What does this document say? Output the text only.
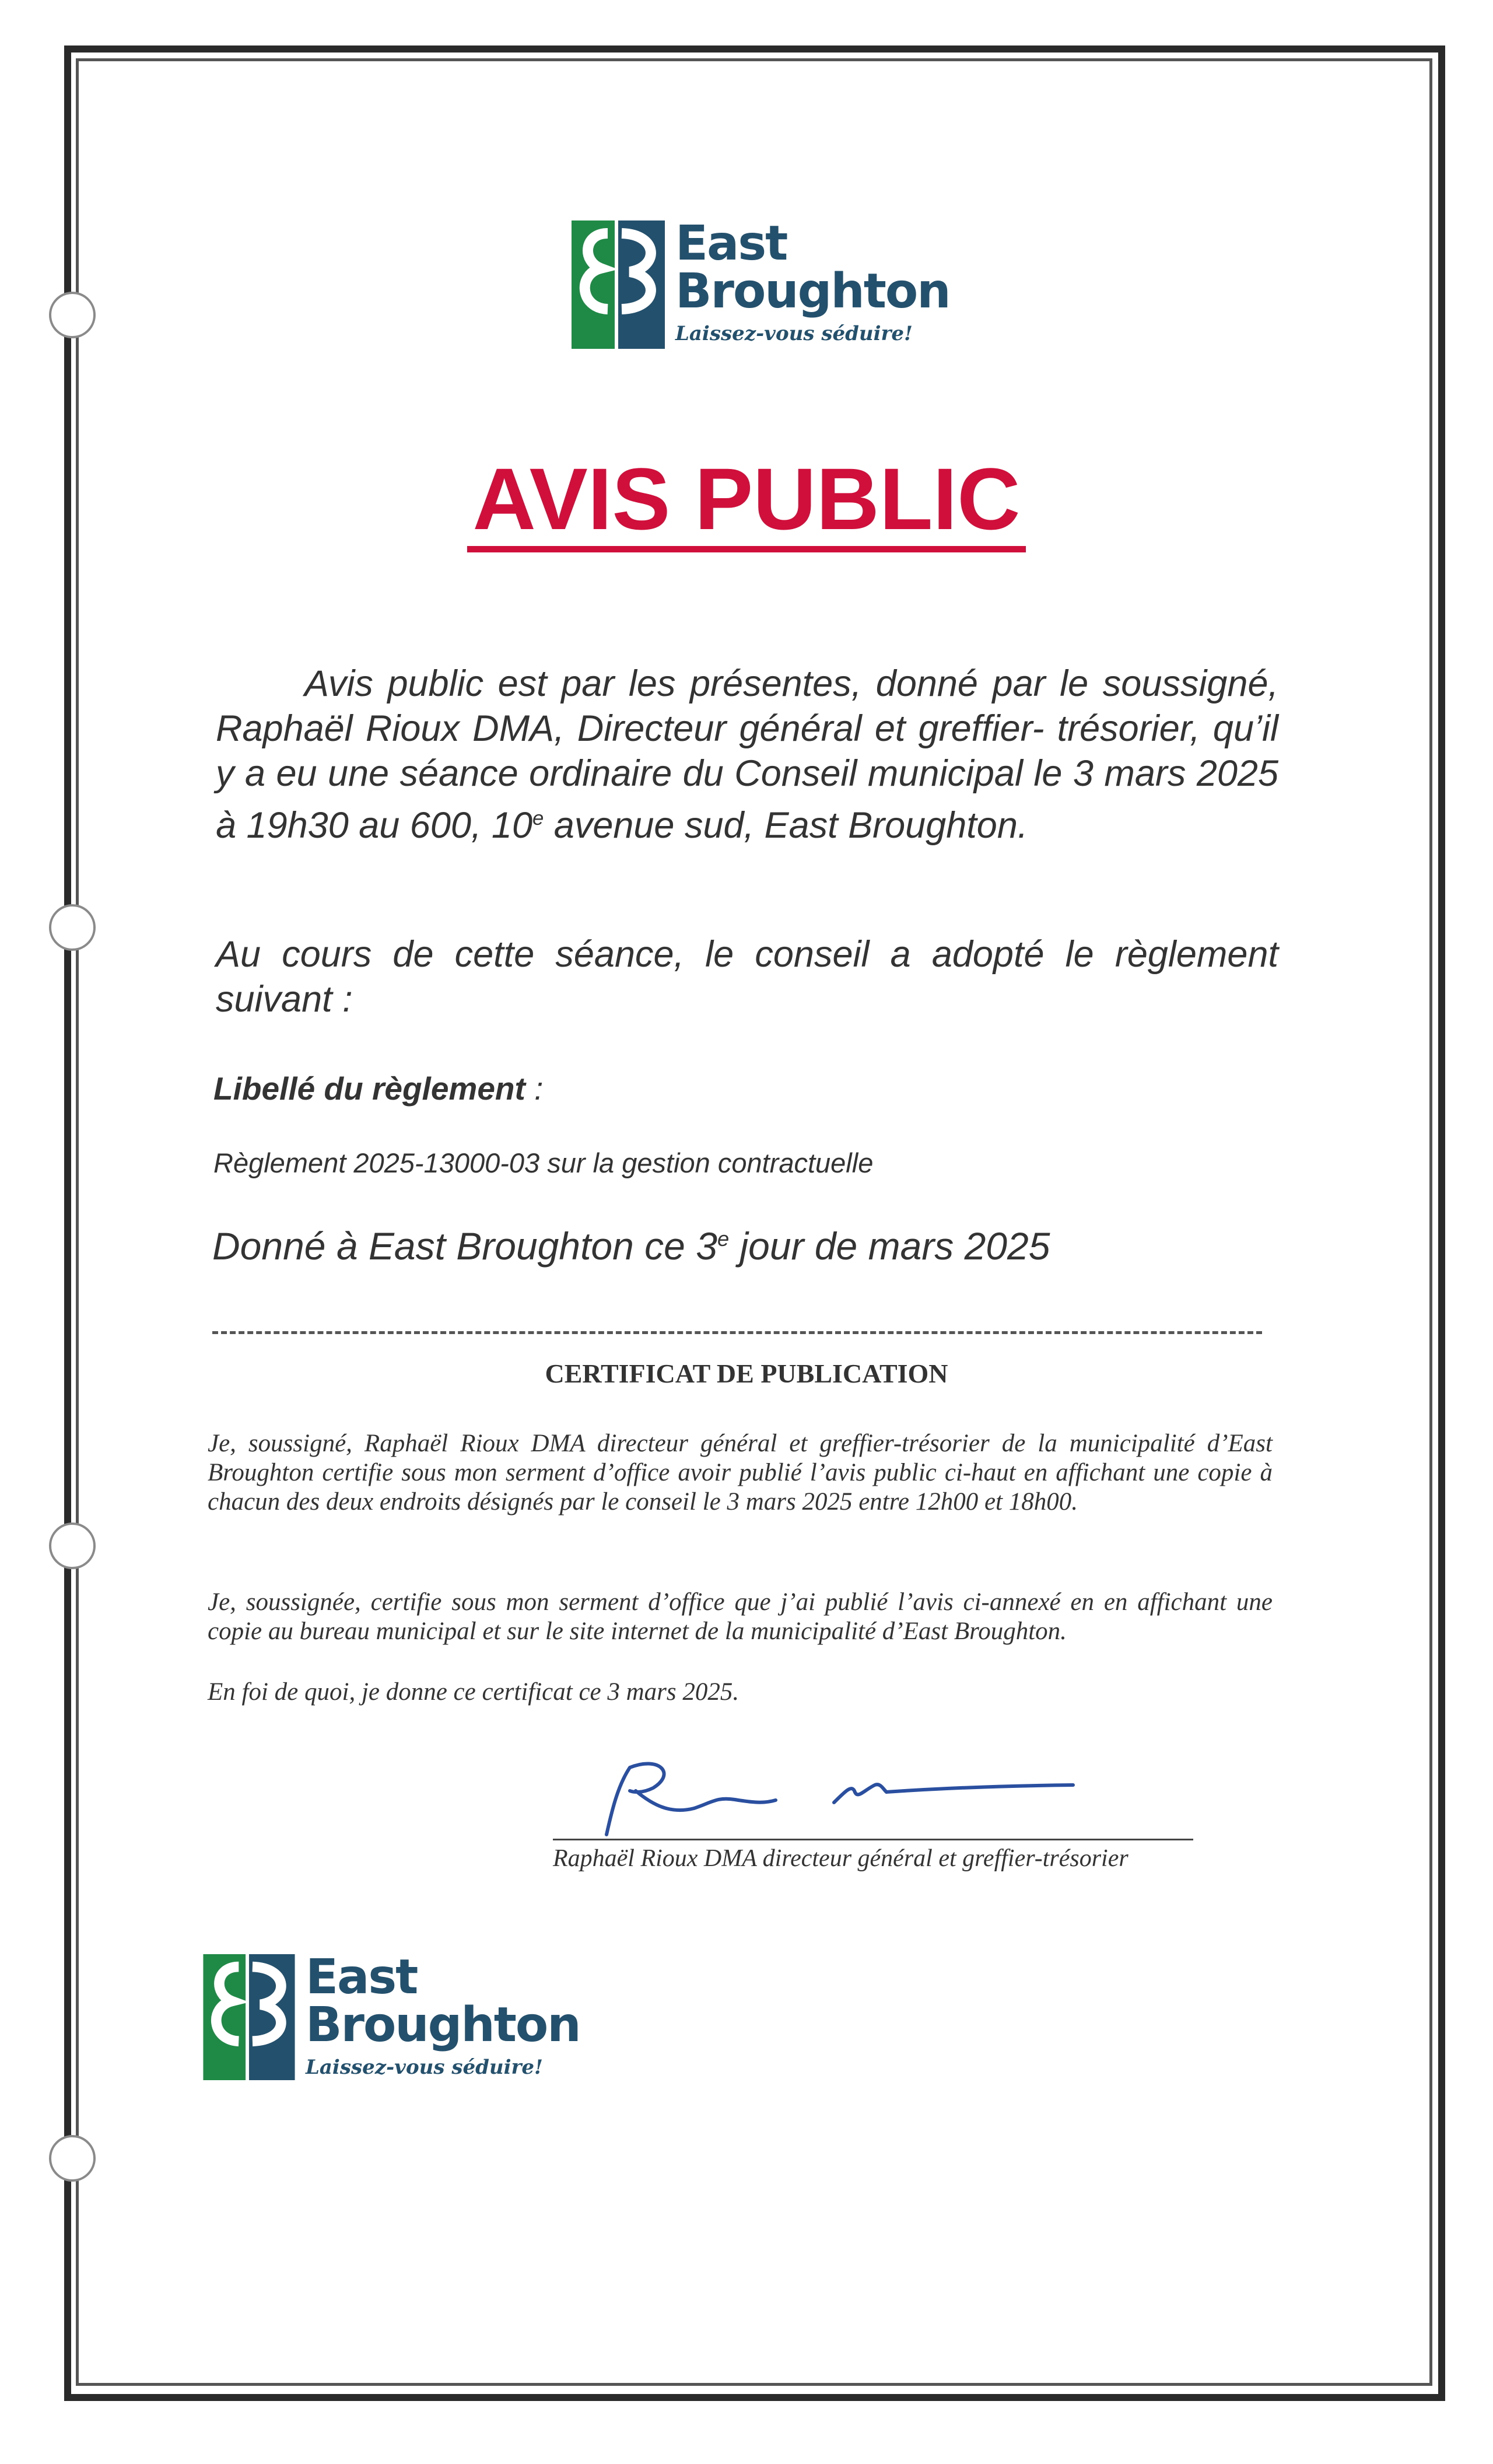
East
Broughton
Laissez-vous séduire!
AVIS PUBLIC
Avis public est par les présentes, donné par le soussigné, Raphaël Rioux DMA, Directeur général et greffier- trésorier, qu’il y a eu une séance ordinaire du Conseil municipal le 3 mars 2025 à 19h30 au 600, 10e avenue sud, East Broughton.
Au cours de cette séance, le conseil a adopté le règlement suivant :
Libellé du règlement :
Règlement 2025-13000-03 sur la gestion contractuelle
Donné à East Broughton ce 3e jour de mars 2025
CERTIFICAT DE PUBLICATION
Je, soussigné, Raphaël Rioux DMA directeur général et greffier-trésorier de la municipalité d’East Broughton certifie sous mon serment d’office avoir publié l’avis public ci-haut en affichant une copie à chacun des deux endroits désignés par le conseil le 3 mars 2025 entre 12h00 et 18h00.
Je, soussignée, certifie sous mon serment d’office que j’ai publié l’avis ci-annexé en en affichant une copie au bureau municipal et sur le site internet de la municipalité d’East Broughton.
En foi de quoi, je donne ce certificat ce 3 mars 2025.
Raphaël Rioux DMA directeur général et greffier-trésorier
East
Broughton
Laissez-vous séduire!
